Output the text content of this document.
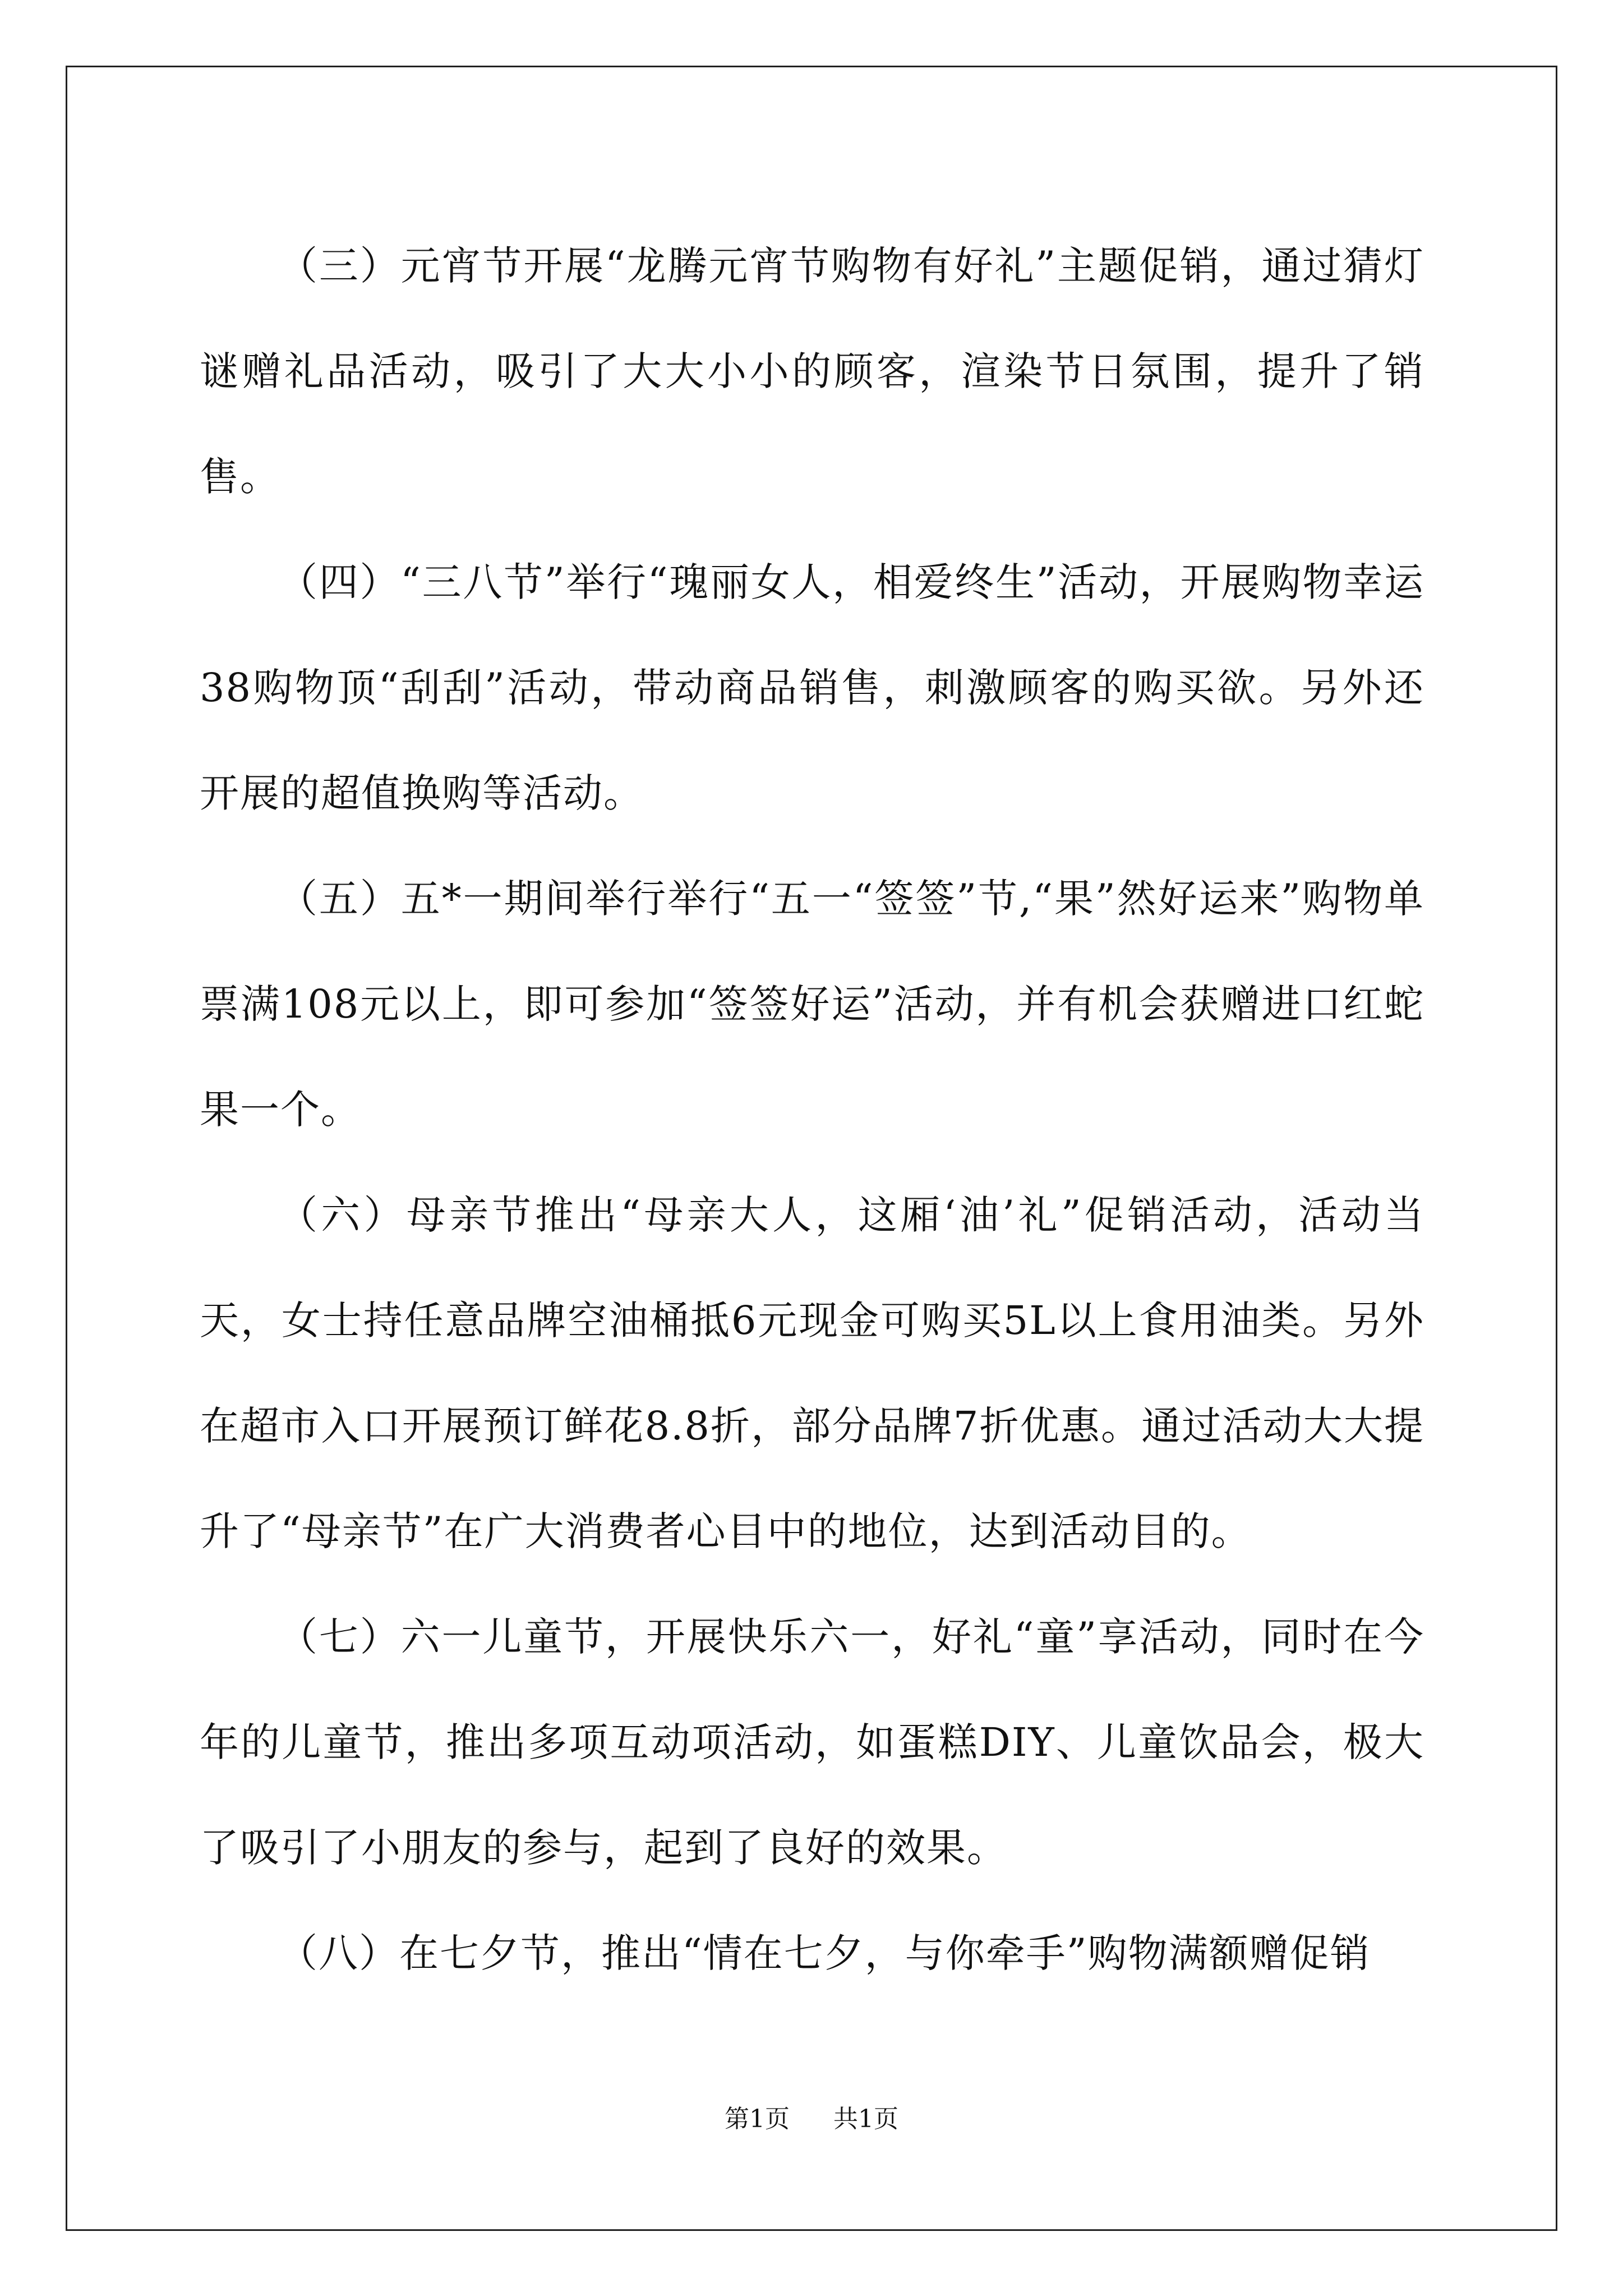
（三）元宵节开展“龙腾元宵节购物有好礼”主题促销，通过猜灯谜赠礼品活动，吸引了大大小小的顾客，渲染节日氛围，提升了销售。

（四）“三八节”举行“瑰丽女人，相爱终生”活动，开展购物幸运38购物顶“刮刮”活动，带动商品销售，刺激顾客的购买欲。另外还开展的超值换购等活动。

（五）五*一期间举行举行“五一“签签”节,“果”然好运来”购物单票满108元以上，即可参加“签签好运”活动，并有机会获赠进口红蛇果一个。

（六）母亲节推出“母亲大人，这厢‘油’礼”促销活动，活动当天，女士持任意品牌空油桶抵6元现金可购买5L以上食用油类。另外在超市入口开展预订鲜花8.8折，部分品牌7折优惠。通过活动大大提升了“母亲节”在广大消费者心目中的地位，达到活动目的。

（七）六一儿童节，开展快乐六一，好礼“童”享活动，同时在今年的儿童节，推出多项互动项活动，如蛋糕DIY、儿童饮品会，极大了吸引了小朋友的参与，起到了良好的效果。

（八）在七夕节，推出“情在七夕，与你牵手”购物满额赠促销

第1页 共1页
